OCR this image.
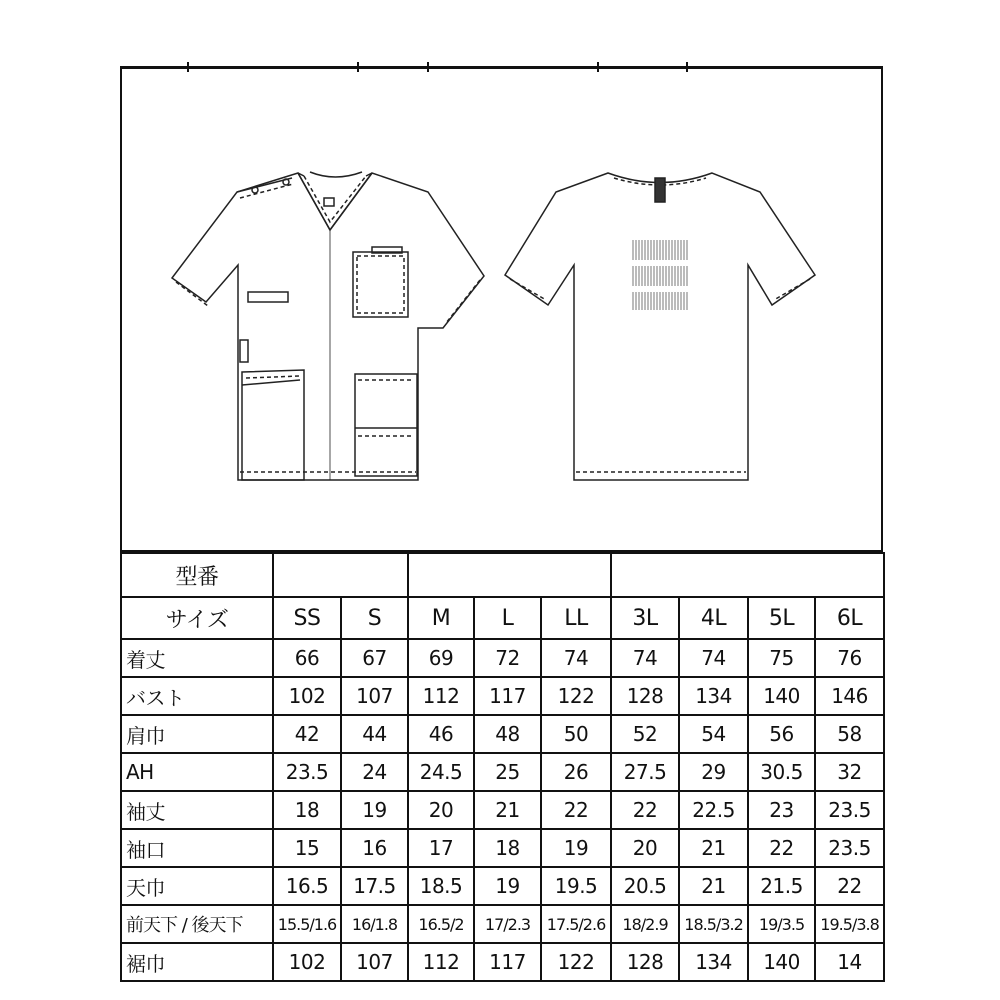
型番									
サイズ	SS	S	M	L	LL	3L	4L	5L	6L
着丈	66	67	69	72	74	74	74	75	76
バスト	102	107	112	117	122	128	134	140	146
肩巾	42	44	46	48	50	52	54	56	58
AH	23.5	24	24.5	25	26	27.5	29	30.5	32
袖丈	18	19	20	21	22	22	22.5	23	23.5
袖口	15	16	17	18	19	20	21	22	23.5
天巾	16.5	17.5	18.5	19	19.5	20.5	21	21.5	22
前天下 / 後天下	15.5/1.6	16/1.8	16.5/2	17/2.3	17.5/2.6	18/2.9	18.5/3.2	19/3.5	19.5/3.8
裾巾	102	107	112	117	122	128	134	140	14
